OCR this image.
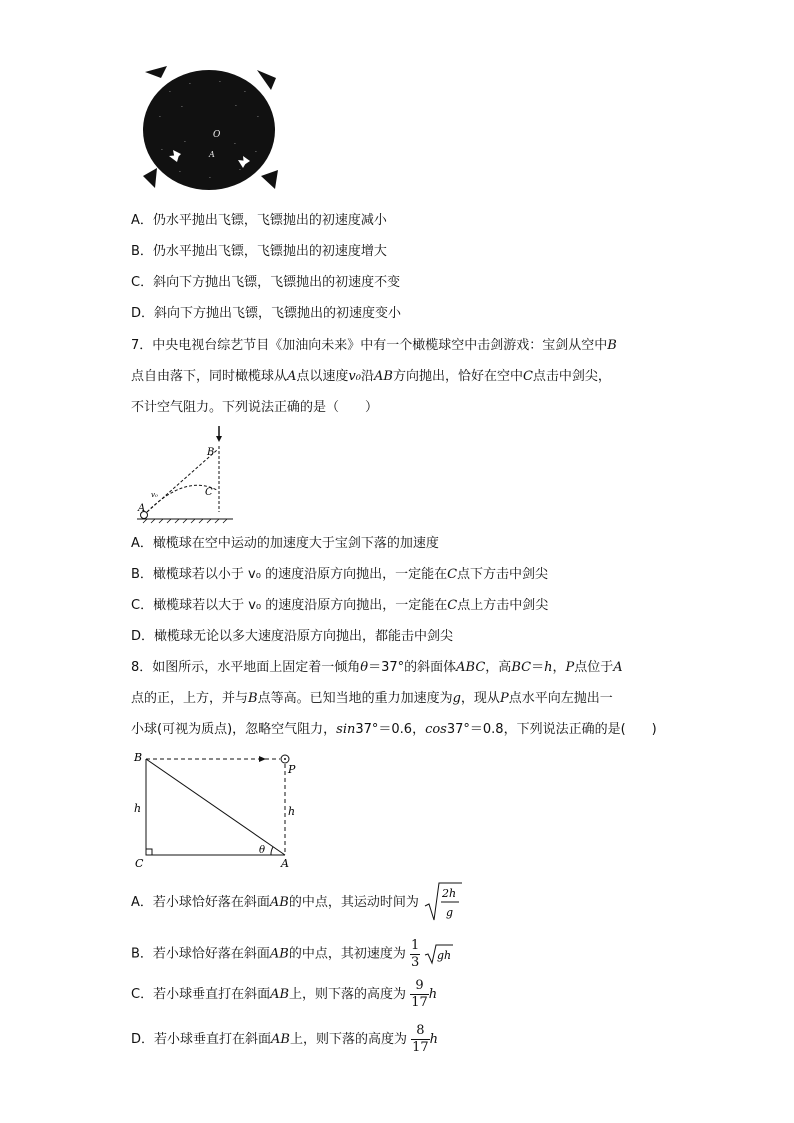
·
·	·
·
·	·
·	·
·
·
·
·	·
·	·
O
A
A．仍水平抛出飞镖，飞镖抛出的初速度减小
B．仍水平抛出飞镖，飞镖抛出的初速度增大
C．斜向下方抛出飞镖，飞镖抛出的初速度不变
D．斜向下方抛出飞镖，飞镖抛出的初速度变小
7．中央电视台综艺节目《加油向未来》中有一个橄榄球空中击剑游戏：宝剑从空中B
点自由落下，同时橄榄球从A点以速度v₀沿AB方向抛出，恰好在空中C点击中剑尖，
不计空气阻力。下列说法正确的是（　　）
B
C
A
v₀
A．橄榄球在空中运动的加速度大于宝剑下落的加速度
B．橄榄球若以小于 v₀ 的速度沿原方向抛出，一定能在C点下方击中剑尖
C．橄榄球若以大于 v₀ 的速度沿原方向抛出，一定能在C点上方击中剑尖
D．橄榄球无论以多大速度沿原方向抛出，都能击中剑尖
8．如图所示，水平地面上固定着一倾角θ＝37°的斜面体ABC，高BC＝h，P点位于A
点的正，上方，并与B点等高。已知当地的重力加速度为g，现从P点水平向左抛出一
小球(可视为质点)，忽略空气阻力，sin37°＝0.6，cos37°＝0.8，下列说法正确的是(　　)
B
P
h	h
C	A
θ
A．若小球恰好落在斜面AB的中点，其运动时间为
2h
g
B．若小球恰好落在斜面AB的中点，其初速度为 $\frac{1}{3}$
gh
C．若小球垂直打在斜面AB上，则下落的高度为 $\frac{9}{17}$ h
D．若小球垂直打在斜面AB上，则下落的高度为 $\frac{8}{17}$ h
